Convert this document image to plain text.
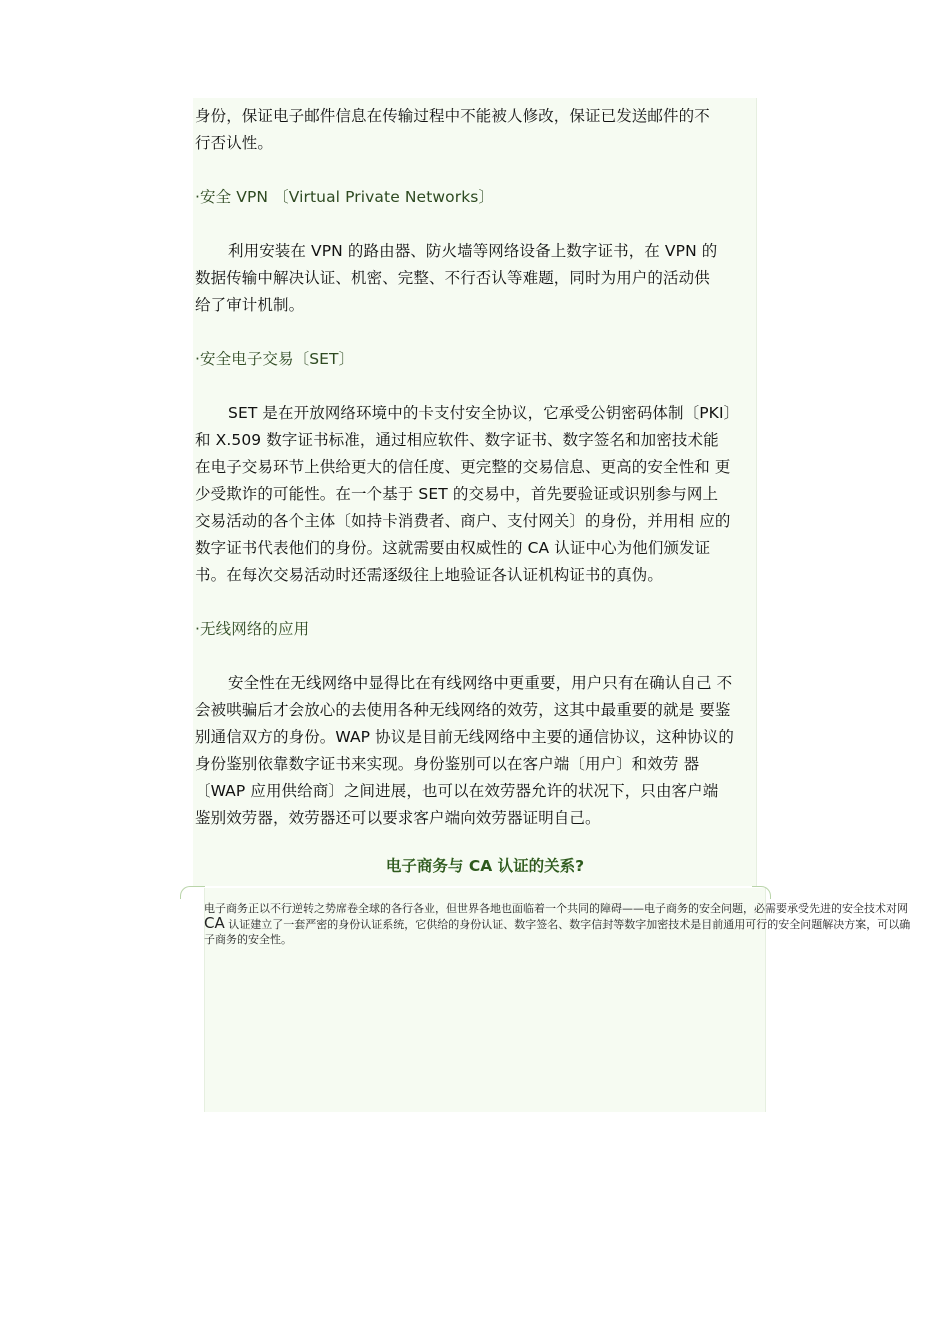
身份，保证电子邮件信息在传输过程中不能被人修改，保证已发送邮件的不

行否认性。

·安全 VPN 〔Virtual Private Networks〕

利用安装在 VPN 的路由器、防火墙等网络设备上数字证书，在 VPN 的

数据传输中解决认证、机密、完整、不行否认等难题，同时为用户的活动供

给了审计机制。

·安全电子交易〔SET〕

SET 是在开放网络环境中的卡支付安全协议，它承受公钥密码体制〔PKI〕

和 X.509 数字证书标准，通过相应软件、数字证书、数字签名和加密技术能

在电子交易环节上供给更大的信任度、更完整的交易信息、更高的安全性和 更

少受欺诈的可能性。在一个基于 SET 的交易中，首先要验证或识别参与网上

交易活动的各个主体〔如持卡消费者、商户、支付网关〕的身份，并用相 应的

数字证书代表他们的身份。这就需要由权威性的 CA 认证中心为他们颁发证

书。在每次交易活动时还需逐级往上地验证各认证机构证书的真伪。

·无线网络的应用

安全性在无线网络中显得比在有线网络中更重要，用户只有在确认自己 不

会被哄骗后才会放心的去使用各种无线网络的效劳，这其中最重要的就是 要鉴

别通信双方的身份。WAP 协议是目前无线网络中主要的通信协议，这种协议的

身份鉴别依靠数字证书来实现。身份鉴别可以在客户端〔用户〕和效劳 器

〔WAP 应用供给商〕之间进展，也可以在效劳器允许的状况下，只由客户端

鉴别效劳器，效劳器还可以要求客户端向效劳器证明自己。

电子商务与 CA 认证的关系?

电子商务正以不行逆转之势席卷全球的各行各业，但世界各地也面临着一个共同的障碍——电子商务的安全问题，必需要承受先进的安全技术对网

CA 认证建立了一套严密的身份认证系统，它供给的身份认证、数字签名、数字信封等数字加密技术是目前通用可行的安全问题解决方案，可以确

子商务的安全性。
